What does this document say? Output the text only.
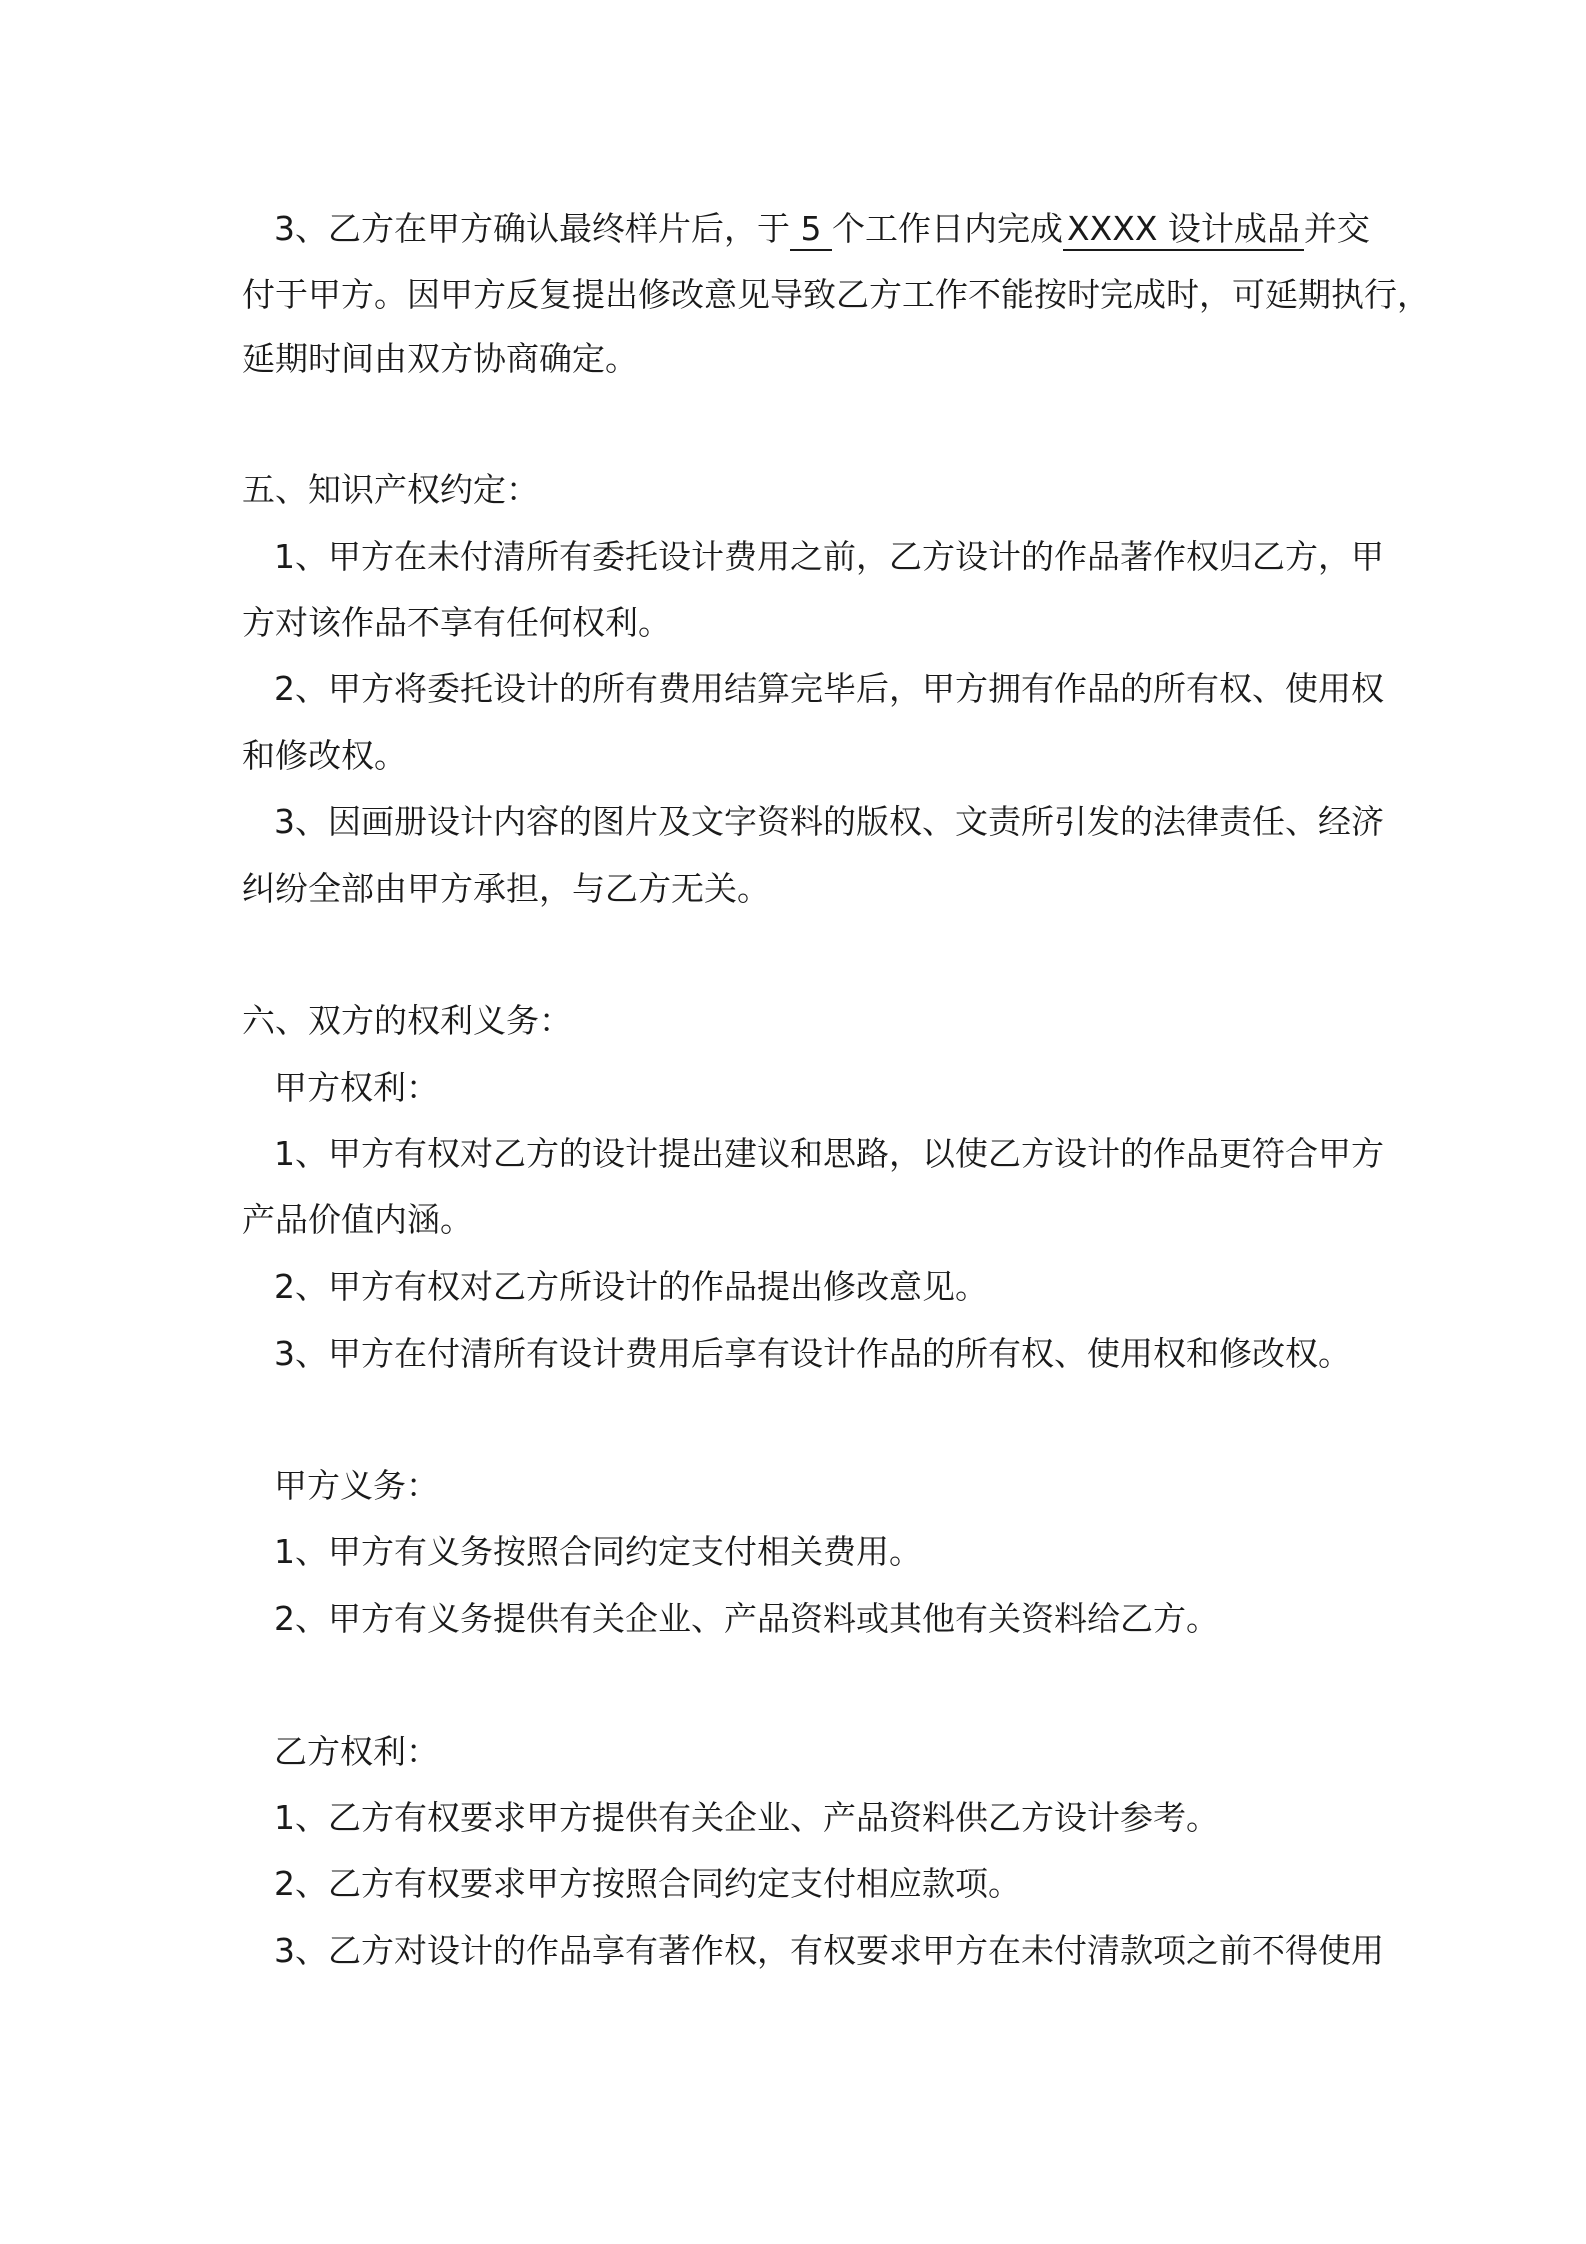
3、乙方在甲方确认最终样片后，于 5 个工作日内完成 XXXX 设计成品 并交
付于甲方。因甲方反复提出修改意见导致乙方工作不能按时完成时，可延期执行，
延期时间由双方协商确定。
五、知识产权约定：
1、甲方在未付清所有委托设计费用之前，乙方设计的作品著作权归乙方，甲
方对该作品不享有任何权利。
2、甲方将委托设计的所有费用结算完毕后，甲方拥有作品的所有权、使用权
和修改权。
3、因画册设计内容的图片及文字资料的版权、文责所引发的法律责任、经济
纠纷全部由甲方承担，与乙方无关。
六、双方的权利义务：
甲方权利：
1、甲方有权对乙方的设计提出建议和思路，以使乙方设计的作品更符合甲方
产品价值内涵。
2、甲方有权对乙方所设计的作品提出修改意见。
3、甲方在付清所有设计费用后享有设计作品的所有权、使用权和修改权。
甲方义务：
1、甲方有义务按照合同约定支付相关费用。
2、甲方有义务提供有关企业、产品资料或其他有关资料给乙方。
乙方权利：
1、乙方有权要求甲方提供有关企业、产品资料供乙方设计参考。
2、乙方有权要求甲方按照合同约定支付相应款项。
3、乙方对设计的作品享有著作权，有权要求甲方在未付清款项之前不得使用
